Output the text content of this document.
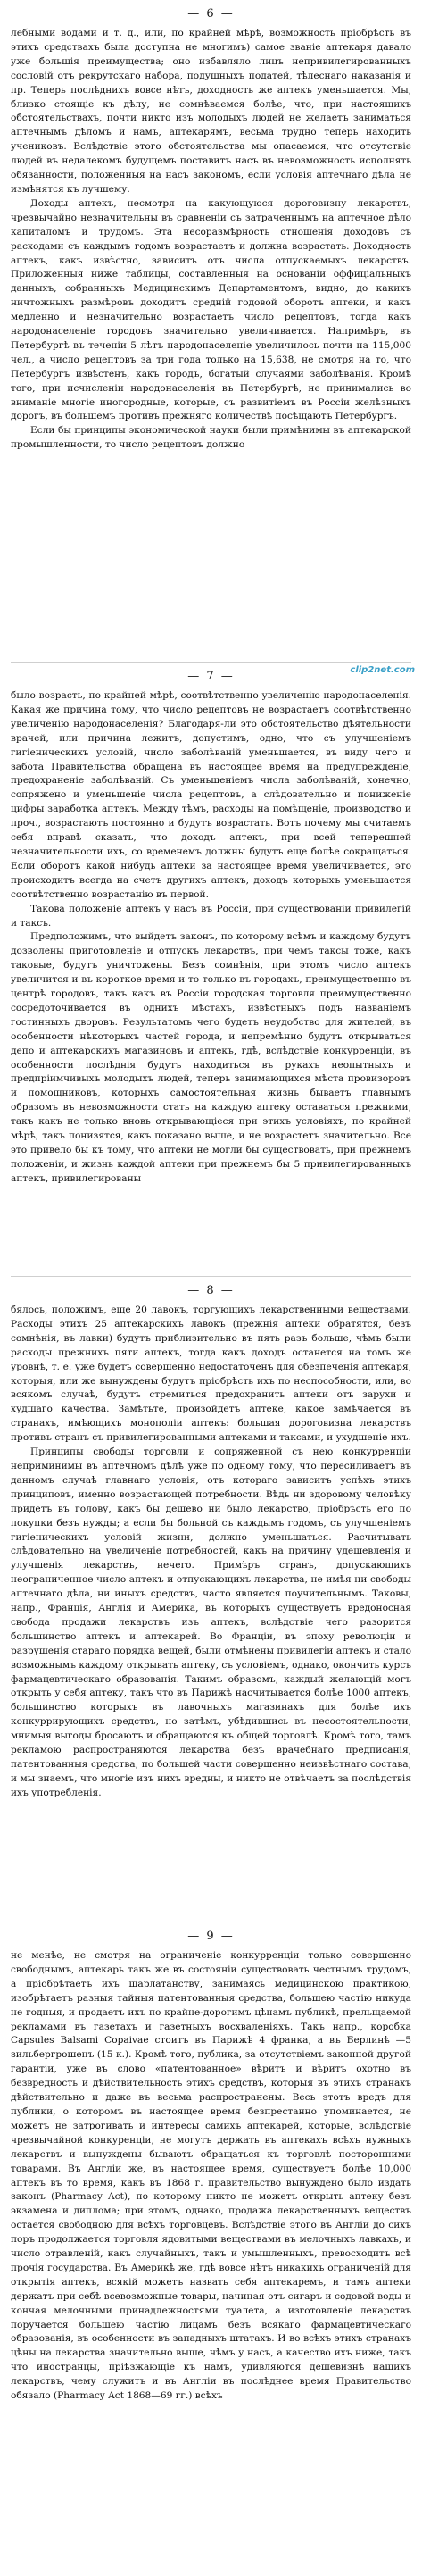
— 6 —

лебными водами и т. д., или, по крайней мѣрѣ, возможность пріобрѣсть въ этихъ средствахъ была доступна не многимъ) самое званіе аптекаря давало уже большія преимущества; оно избавляло лицъ непривилегированныхъ сословій отъ рекрутскаго набора, подушныхъ податей, тѣлеснаго наказанія и пр. Теперь послѣднихъ вовсе нѣтъ, доходность же аптекъ уменьшается. Мы, близко стоящіе къ дѣлу, не сомнѣваемся болѣе, что, при настоящихъ обстоятельствахъ, почти никто изъ молодыхъ людей не желаетъ заниматься аптечнымъ дѣломъ и намъ, аптекарямъ, весьма трудно теперь находить учениковъ. Вслѣдствіе этого обстоятельства мы опасаемся, что отсутствіе людей въ недалекомъ будущемъ поставитъ насъ въ невозможность исполнять обязанности, положенныя на насъ закономъ, если условія аптечнаго дѣла не измѣнятся къ лучшему.

Доходы аптекъ, несмотря на какующуюся дороговизну лекарствъ, чрезвычайно незначительны въ сравненіи съ затраченнымъ на аптечное дѣло капиталомъ и трудомъ. Эта несоразмѣрность отношенія доходовъ съ расходами съ каждымъ годомъ возрастаетъ и должна возрастать. Доходность аптекъ, какъ извѣстно, зависитъ отъ числа отпускаемыхъ лекарствъ. Приложенныя ниже таблицы, составленныя на основаніи оффиціальныхъ данныхъ, собранныхъ Медицинскимъ Департаментомъ, видно, до какихъ ничтожныхъ размѣровъ доходитъ средній годовой оборотъ аптеки, и какъ медленно и незначительно возрастаетъ число рецептовъ, тогда какъ народонаселеніе городовъ значительно увеличивается. Напримѣръ, въ Петербургѣ въ теченіи 5 лѣтъ народонаселеніе увеличилось почти на 115,000 чел., а число рецептовъ за три года только на 15,638, не смотря на то, что Петербургъ извѣстенъ, какъ городъ, богатый случаями заболѣванія. Кромѣ того, при исчисленіи народонаселенія въ Петербургѣ, не принимались во вниманіе многіе иногородные, которые, съ развитіемъ въ Россіи желѣзныхъ дорогъ, въ большемъ противъ прежняго количествѣ посѣщаютъ Петербургъ.

Если бы принципы экономической науки были примѣнимы въ аптекарской промышленности, то число рецептовъ должно

clip2net.com
— 7 —

было возрасть, по крайней мѣрѣ, соотвѣтственно увеличенію народонаселенія. Какая же причина тому, что число рецептовъ не возрастаетъ соотвѣтственно увеличенію народонаселенія? Благодаря-ли это обстоятельство дѣятельности врачей, или причина лежитъ, допустимъ, одно, что съ улучшеніемъ гигіеническихъ условій, число заболѣваній уменьшается, въ виду чего и забота Правительства обращена въ настоящее время на предупрежденіе, предохраненіе заболѣваній. Съ уменьшеніемъ числа заболѣваній, конечно, сопряжено и уменьшеніе числа рецептовъ, а слѣдовательно и пониженіе цифры заработка аптекъ. Между тѣмъ, расходы на помѣщеніе, производство и проч., возрастаютъ постоянно и будутъ возрастать. Вотъ почему мы считаемъ себя вправѣ сказать, что доходъ аптекъ, при всей теперешней незначительности ихъ, со временемъ должны будутъ еще болѣе сокращаться. Если оборотъ какой нибудь аптеки за настоящее время увеличивается, это происходитъ всегда на счетъ другихъ аптекъ, доходъ которыхъ уменьшается соотвѣтственно возрастанію въ первой.

Такова положеніе аптекъ у насъ въ Россіи, при существованіи привилегій и таксъ.

Предположимъ, что выйдетъ законъ, по которому всѣмъ и каждому будутъ дозволены приготовленіе и отпускъ лекарствъ, при чемъ таксы тоже, какъ таковые, будутъ уничтожены. Безъ сомнѣнія, при этомъ число аптекъ увеличится и въ короткое время и то только въ городахъ, преимущественно въ центрѣ городовъ, такъ какъ въ Россіи городская торговля преимущественно сосредоточивается въ однихъ мѣстахъ, извѣстныхъ подъ названіемъ гостинныхъ дворовъ. Результатомъ чего будетъ неудобство для жителей, въ особенности нѣкоторыхъ частей города, и непремѣнно будутъ открываться депо и аптекарскихъ магазиновъ и аптекъ, гдѣ, вслѣдствіе конкурренціи, въ особенности послѣднія будутъ находиться въ рукахъ неопытныхъ и предпріимчивыхъ молодыхъ людей, теперь занимающихся мѣста провизоровъ и помощниковъ, которыхъ самостоятельная жизнь бываетъ главнымъ образомъ въ невозможности стать на каждую аптеку оставаться прежними, такъ какъ не только вновь открывающіеся при этихъ условіяхъ, по крайней мѣрѣ, такъ понизятся, какъ показано выше, и не возрастетъ значительно. Все это привело бы къ тому, что аптеки не могли бы существовать, при прежнемъ положеніи, и жизнь каждой аптеки при прежнемъ бы 5 привилегированныхъ аптекъ, привилегированы

— 8 —

бялось, положимъ, еще 20 лавокъ, торгующихъ лекарственными веществами. Расходы этихъ 25 аптекарскихъ лавокъ (прежнія аптеки обратятся, безъ сомнѣнія, въ лавки) будутъ приблизительно въ пять разъ больше, чѣмъ были расходы прежнихъ пяти аптекъ, тогда какъ доходъ останется на томъ же уровнѣ, т. е. уже будетъ совершенно недостаточенъ для обезпеченія аптекаря, которыя, или же вынуждены будутъ пріобрѣсть ихъ по неспособности, или, во всякомъ случаѣ, будутъ стремиться предохранить аптеки отъ зарухи и худшаго качества. Замѣтьте, произойдетъ аптеке, какое замѣчается въ странахъ, имѣющихъ монополіи аптекъ: большая дороговизна лекарствъ противъ странъ съ привилегированными аптеками и таксами, и ухудшеніе ихъ.

Принципы свободы торговли и сопряженной съ нею конкурренціи неприминимы въ аптечномъ дѣлѣ уже по одному тому, что пересиливаетъ въ данномъ случаѣ главнаго условія, отъ котораго зависитъ успѣхъ этихъ принциповъ, именно возрастающей потребности. Вѣдь ни здоровому человѣку придетъ въ голову, какъ бы дешево ни было лекарство, пріобрѣсть его по покупки безъ нужды; а если бы больной съ каждымъ годомъ, съ улучшеніемъ гигіеническихъ условій жизни, должно уменьшаться. Расчитывать слѣдовательно на увеличеніе потребностей, какъ на причину удешевленія и улучшенія лекарствъ, нечего. Примѣръ странъ, допускающихъ неограниченное число аптекъ и отпускающихъ лекарства, не имѣя ни свободы аптечнаго дѣла, ни иныхъ средствъ, часто является поучительнымъ. Таковы, напр., Франція, Англія и Америка, въ которыхъ существуетъ вредоносная свобода продажи лекарствъ изъ аптекъ, вслѣдствіе чего разорится большинство аптекъ и аптекарей. Во Франціи, въ эпоху революціи и разрушенія стараго порядка вещей, были отмѣнены привилегіи аптекъ и стало возможнымъ каждому открывать аптеку, съ условіемъ, однако, окончить курсъ фармацевтическаго образованія. Такимъ образомъ, каждый желающій могъ открыть у себя аптеку, такъ что въ Парижѣ насчитывается болѣе 1000 аптекъ, большинство которыхъ въ лавочныхъ магазинахъ для болѣе ихъ конкуррирующихъ средствъ, но затѣмъ, убѣдившись въ несостоятельности, мнимыя выгоды бросаютъ и обращаются къ общей торговлѣ. Кромѣ того, тамъ рекламою распространяются лекарства безъ врачебнаго предписанія, патентованныя средства, по большей части совершенно неизвѣстнаго состава, и мы знаемъ, что многіе изъ нихъ вредны, и никто не отвѣчаетъ за послѣдствія ихъ употребленія.

— 9 —

не менѣе, не смотря на ограниченіе конкурренціи только совершенно свободнымъ, аптекарь такъ же въ состояніи существовать честнымъ трудомъ, а пріобрѣтаетъ ихъ шарлатанству, занимаясь медицинскою практикою, изобрѣтаетъ разныя тайныя патентованныя средства, большею частію никуда не годныя, и продаетъ ихъ по крайне-дорогимъ цѣнамъ публикѣ, прельщаемой рекламами въ газетахъ и газетныхъ восхваленіяхъ. Такъ напр., коробка Capsules Balsami Copaivae стоитъ въ Парижѣ 4 франка, а въ Берлинѣ —5 зильбергрошенъ (15 к.). Кромѣ того, публика, за отсутствіемъ законной другой гарантіи, уже въ слово «патентованное» вѣритъ и вѣритъ охотно въ безвредность и дѣйствительность этихъ средствъ, которыя въ этихъ странахъ дѣйствительно и даже въ весьма распространены. Весь этотъ вредъ для публики, о которомъ въ настоящее время безпрестанно упоминается, не можетъ не затрогивать и интересы самихъ аптекарей, которые, вслѣдствіе чрезвычайной конкуренціи, не могутъ держать въ аптекахъ всѣхъ нужныхъ лекарствъ и вынуждены бываютъ обращаться къ торговлѣ посторонними товарами. Въ Англіи же, въ настоящее время, существуетъ болѣе 10,000 аптекъ въ то время, какъ въ 1868 г. правительство вынуждено было издать законъ (Pharmacy Act), по которому никто не можетъ открыть аптеку безъ экзамена и диплома; при этомъ, однако, продажа лекарственныхъ веществъ остается свободною для всѣхъ торговцевъ. Вслѣдствіе этого въ Англіи до сихъ поръ продолжается торговля ядовитыми веществами въ мелочныхъ лавкахъ, и число отравленій, какъ случайныхъ, такъ и умышленныхъ, превосходитъ всѣ прочія государства. Въ Америкѣ же, гдѣ вовсе нѣтъ никакихъ ограниченій для открытія аптекъ, всякій можетъ назвать себя аптекаремъ, и тамъ аптеки держатъ при себѣ всевозможные товары, начиная отъ сигаръ и содовой воды и кончая мелочными принадлежностями туалета, а изготовленіе лекарствъ поручается большею частію лицамъ безъ всякаго фармацевтическаго образованія, въ особенности въ западныхъ штатахъ. И во всѣхъ этихъ странахъ цѣны на лекарства значительно выше, чѣмъ у насъ, а качество ихъ ниже, такъ что иностранцы, пріѣзжающіе къ намъ, удивляются дешевизнѣ нашихъ лекарствъ, чему служитъ и въ Англіи въ послѣднее время Правительство обязало (Pharmacy Act 1868—69 гг.) всѣхъ
